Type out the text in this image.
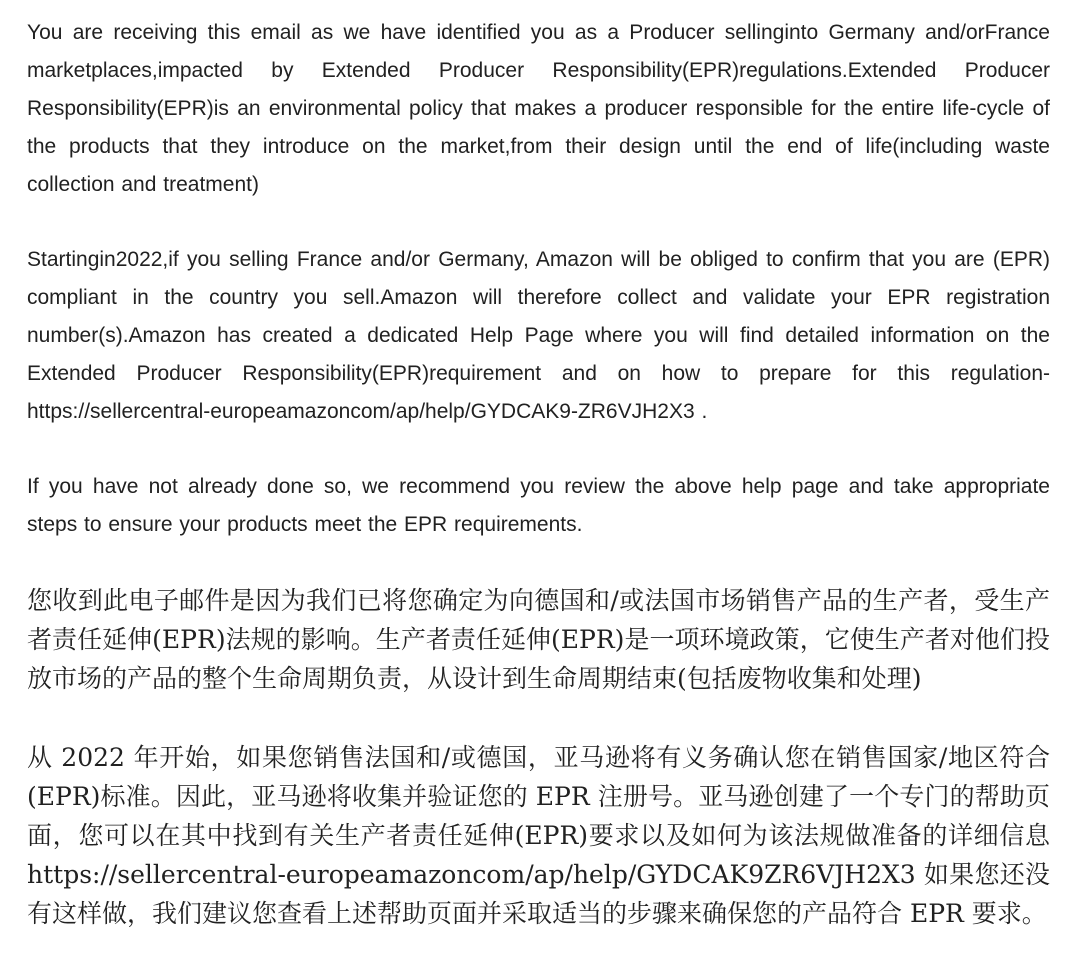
You are receiving this email as we have identified you as a Producer sellinginto Germany and/orFrance marketplaces,impacted by Extended Producer Responsibility(EPR)regulations.Extended Producer Responsibility(EPR)is an environmental policy that makes a producer responsible for the entire life-cycle of the products that they introduce on the market,from their design until the end of life(including waste collection and treatment)

Startingin2022,if you selling France and/or Germany, Amazon will be obliged to confirm that you are (EPR) compliant in the country you sell.Amazon will therefore collect and validate your EPR registration number(s).Amazon has created a dedicated Help Page where you will find detailed information on the Extended Producer Responsibility(EPR)requirement and on how to prepare for this regulation-https://sellercentral-europeamazoncom/ap/help/GYDCAK9-ZR6VJH2X3 .

If you have not already done so, we recommend you review the above help page and take appropriate steps to ensure your products meet the EPR requirements.

您收到此电子邮件是因为我们已将您确定为向德国和/或法国市场销售产品的生产者，受生产者责任延伸(EPR)法规的影响。生产者责任延伸(EPR)是一项环境政策，它使生产者对他们投放市场的产品的整个生命周期负责，从设计到生命周期结束(包括废物收集和处理)

从 2022 年开始，如果您销售法国和/或德国，亚马逊将有义务确认您在销售国家/地区符合(EPR)标准。因此，亚马逊将收集并验证您的 EPR 注册号。亚马逊创建了一个专门的帮助页面，您可以在其中找到有关生产者责任延伸(EPR)要求以及如何为该法规做准备的详细信息 https://sellercentral-europeamazoncom/ap/help/GYDCAK9ZR6VJH2X3 如果您还没有这样做，我们建议您查看上述帮助页面并采取适当的步骤来确保您的产品符合 EPR 要求。
